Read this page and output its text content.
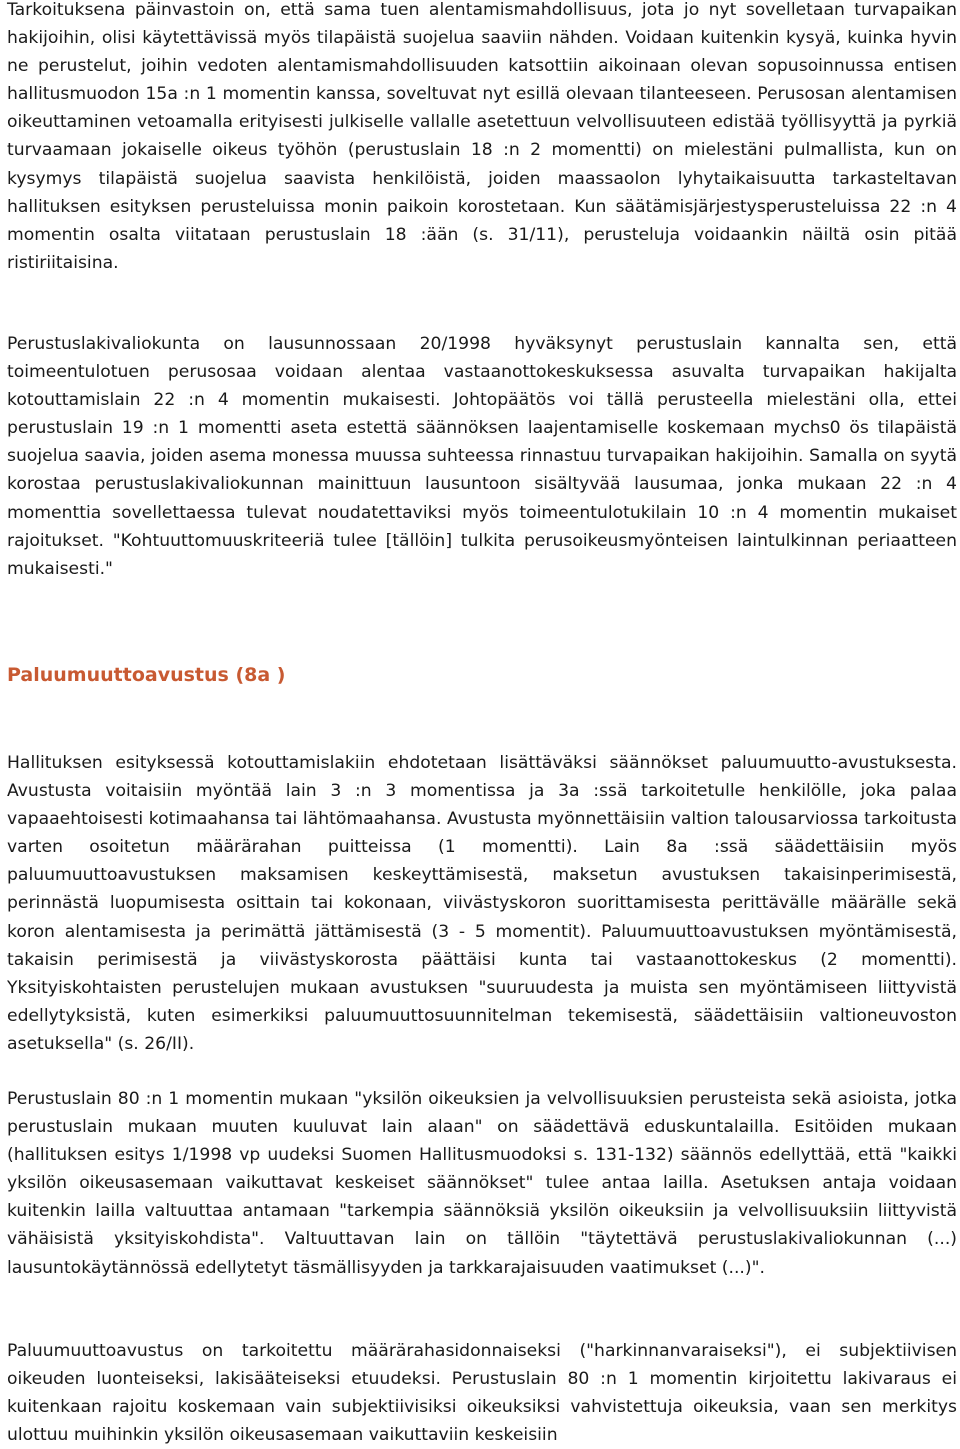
Tarkoituksena päinvastoin on, että sama tuen alentamismahdollisuus, jota jo nyt sovelletaan turvapaikan hakijoihin, olisi käytettävissä myös tilapäistä suojelua saaviin nähden. Voidaan kuitenkin kysyä, kuinka hyvin ne perustelut, joihin vedoten alentamismahdollisuuden katsottiin aikoinaan olevan sopusoinnussa entisen hallitusmuodon 15a :n 1 momentin kanssa, soveltuvat nyt esillä olevaan tilanteeseen. Perusosan alentamisen oikeuttaminen vetoamalla erityisesti julkiselle vallalle asetettuun velvollisuuteen edistää työllisyyttä ja pyrkiä turvaamaan jokaiselle oikeus työhön (perustuslain 18 :n 2 momentti) on mielestäni pulmallista, kun on kysymys tilapäistä suojelua saavista henkilöistä, joiden maassaolon lyhytaikaisuutta tarkasteltavan hallituksen esityksen perusteluissa monin paikoin korostetaan. Kun säätämisjärjestysperusteluissa 22 :n 4 momentin osalta viitataan perustuslain 18 :ään (s. 31/11), perusteluja voidaankin näiltä osin pitää ristiriitaisina.

Perustuslakivaliokunta on lausunnossaan 20/1998 hyväksynyt perustuslain kannalta sen, että toimeentulotuen perusosaa voidaan alentaa vastaanottokeskuksessa asuvalta turvapaikan hakijalta kotouttamislain 22 :n 4 momentin mukaisesti. Johtopäätös voi tällä perusteella mielestäni olla, ettei perustuslain 19 :n 1 momentti aseta estettä säännöksen laajentamiselle koskemaan mychs0 ös tilapäistä suojelua saavia, joiden asema monessa muussa suhteessa rinnastuu turvapaikan hakijoihin. Samalla on syytä korostaa perustuslakivaliokunnan mainittuun lausuntoon sisältyvää lausumaa, jonka mukaan 22 :n 4 momenttia sovellettaessa tulevat noudatettaviksi myös toimeentulotukilain 10 :n 4 momentin mukaiset rajoitukset. "Kohtuuttomuuskriteeriä tulee [tällöin] tulkita perusoikeusmyönteisen laintulkinnan periaatteen mukaisesti."

Paluumuuttoavustus (8a )

Hallituksen esityksessä kotouttamislakiin ehdotetaan lisättäväksi säännökset paluumuutto-avustuksesta. Avustusta voitaisiin myöntää lain 3 :n 3 momentissa ja 3a :ssä tarkoitetulle henkilölle, joka palaa vapaaehtoisesti kotimaahansa tai lähtömaahansa. Avustusta myönnettäisiin valtion talousarviossa tarkoitusta varten osoitetun määrärahan puitteissa (1 momentti). Lain 8a :ssä säädettäisiin myös paluumuuttoavustuksen maksamisen keskeyttämisestä, maksetun avustuksen takaisinperimisestä, perinnästä luopumisesta osittain tai kokonaan, viivästyskoron suorittamisesta perittävälle määrälle sekä koron alentamisesta ja perimättä jättämisestä (3 - 5 momentit). Paluumuuttoavustuksen myöntämisestä, takaisin perimisestä ja viivästyskorosta päättäisi kunta tai vastaanottokeskus (2 momentti). Yksityiskohtaisten perustelujen mukaan avustuksen "suuruudesta ja muista sen myöntämiseen liittyvistä edellytyksistä, kuten esimerkiksi paluumuuttosuunnitelman tekemisestä, säädettäisiin valtioneuvoston asetuksella" (s. 26/II).

Perustuslain 80 :n 1 momentin mukaan "yksilön oikeuksien ja velvollisuuksien perusteista sekä asioista, jotka perustuslain mukaan muuten kuuluvat lain alaan" on säädettävä eduskuntalailla. Esitöiden mukaan (hallituksen esitys 1/1998 vp uudeksi Suomen Hallitusmuodoksi s. 131-132) säännös edellyttää, että "kaikki yksilön oikeusasemaan vaikuttavat keskeiset säännökset" tulee antaa lailla. Asetuksen antaja voidaan kuitenkin lailla valtuuttaa antamaan "tarkempia säännöksiä yksilön oikeuksiin ja velvollisuuksiin liittyvistä vähäisistä yksityiskohdista". Valtuuttavan lain on tällöin "täytettävä perustuslakivaliokunnan (...) lausuntokäytännössä edellytetyt täsmällisyyden ja tarkkarajaisuuden vaatimukset (...)".

Paluumuuttoavustus on tarkoitettu määrärahasidonnaiseksi ("harkinnanvaraiseksi"), ei subjektiivisen oikeuden luonteiseksi, lakisääteiseksi etuudeksi. Perustuslain 80 :n 1 momentin kirjoitettu lakivaraus ei kuitenkaan rajoitu koskemaan vain subjektiivisiksi oikeuksiksi vahvistettuja oikeuksia, vaan sen merkitys ulottuu muihinkin yksilön oikeusasemaan vaikuttaviin keskeisiin
